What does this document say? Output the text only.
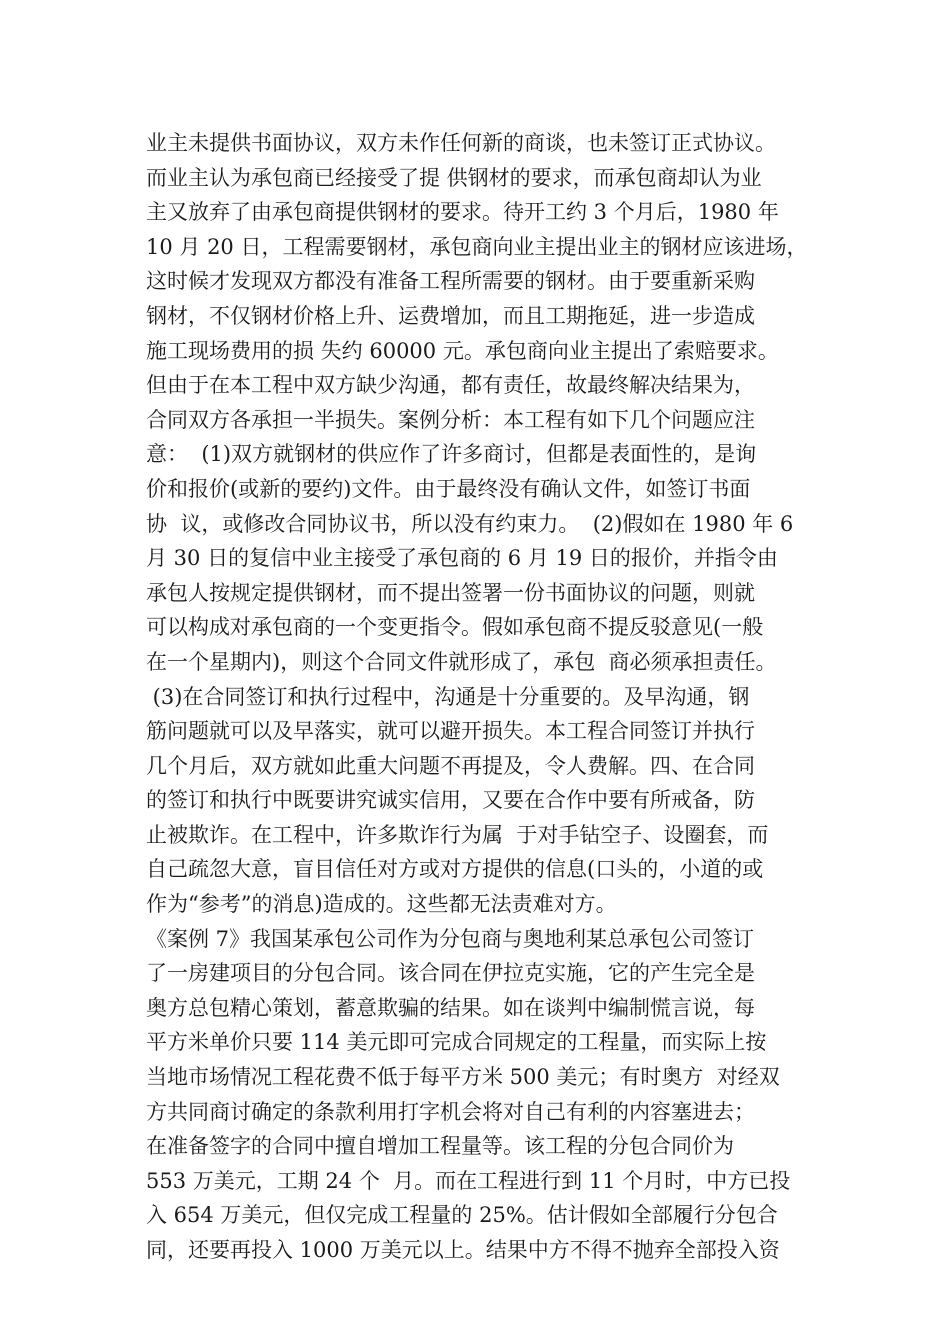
业主未提供书面协议，双方未作任何新的商谈，也未签订正式协议。
而业主认为承包商已经接受了提 供钢材的要求，而承包商却认为业
主又放弃了由承包商提供钢材的要求。待开工约 3 个月后，1980 年
10 月 20 日，工程需要钢材，承包商向业主提出业主的钢材应该进场，
这时候才发现双方都没有准备工程所需要的钢材。由于要重新采购
钢材，不仅钢材价格上升、运费增加，而且工期拖延，进一步造成
施工现场费用的损 失约 60000 元。承包商向业主提出了索赔要求。
但由于在本工程中双方缺少沟通，都有责任，故最终解决结果为，
合同双方各承担一半损失。案例分析：本工程有如下几个问题应注
意：  (1)双方就钢材的供应作了许多商讨，但都是表面性的，是询
价和报价(或新的要约)文件。由于最终没有确认文件，如签订书面
协  议，或修改合同协议书，所以没有约束力。  (2)假如在 1980 年 6
月 30 日的复信中业主接受了承包商的 6 月 19 日的报价，并指令由
承包人按规定提供钢材，而不提出签署一份书面协议的问题，则就
可以构成对承包商的一个变更指令。假如承包商不提反驳意见(一般
在一个星期内)，则这个合同文件就形成了，承包  商必须承担责任。
(3)在合同签订和执行过程中，沟通是十分重要的。及早沟通，钢
筋问题就可以及早落实，就可以避开损失。本工程合同签订并执行
几个月后，双方就如此重大问题不再提及，令人费解。四、在合同
的签订和执行中既要讲究诚实信用，又要在合作中要有所戒备，防
止被欺诈。在工程中，许多欺诈行为属  于对手钻空子、设圈套，而
自己疏忽大意，盲目信任对方或对方提供的信息(口头的，小道的或
作为“参考”的消息)造成的。这些都无法责难对方。
《案例 7》我国某承包公司作为分包商与奥地利某总承包公司签订
了一房建项目的分包合同。该合同在伊拉克实施，它的产生完全是
奥方总包精心策划，蓄意欺骗的结果。如在谈判中编制慌言说，每
平方米单价只要 114 美元即可完成合同规定的工程量，而实际上按
当地市场情况工程花费不低于每平方米 500 美元；有时奥方  对经双
方共同商讨确定的条款利用打字机会将对自己有利的内容塞进去；
在准备签字的合同中擅自增加工程量等。该工程的分包合同价为
553 万美元，工期 24 个  月。而在工程进行到 11 个月时，中方已投
入 654 万美元，但仅完成工程量的 25%。估计假如全部履行分包合
同，还要再投入 1000 万美元以上。结果中方不得不抛弃全部投入资
